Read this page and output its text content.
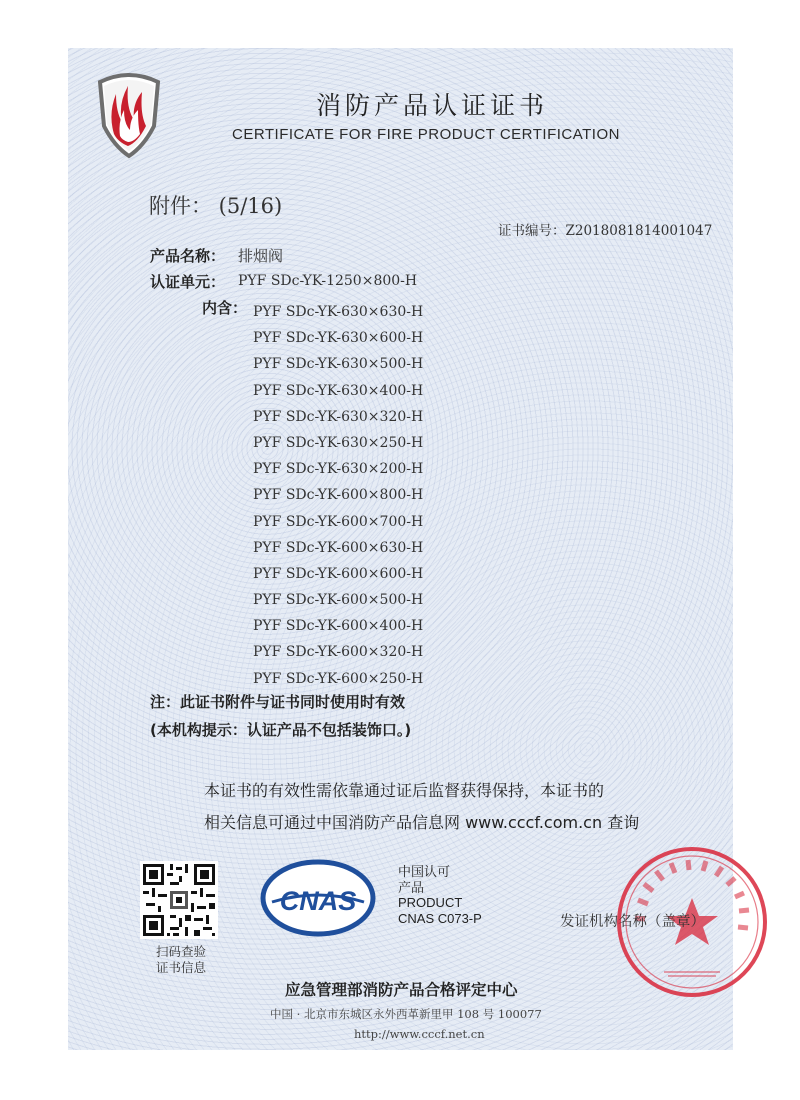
消防产品认证证书
CERTIFICATE FOR FIRE PRODUCT CERTIFICATION
附件： (5/16)
证书编号：Z2018081814001047
产品名称： 排烟阀
认证单元： PYF SDc-YK-1250×800-H
内含： PYF SDc-YK-630×630-H
PYF SDc-YK-630×600-H
PYF SDc-YK-630×500-H
PYF SDc-YK-630×400-H
PYF SDc-YK-630×320-H
PYF SDc-YK-630×250-H
PYF SDc-YK-630×200-H
PYF SDc-YK-600×800-H
PYF SDc-YK-600×700-H
PYF SDc-YK-600×630-H
PYF SDc-YK-600×600-H
PYF SDc-YK-600×500-H
PYF SDc-YK-600×400-H
PYF SDc-YK-600×320-H
PYF SDc-YK-600×250-H
注：此证书附件与证书同时使用时有效
(本机构提示：认证产品不包括装饰口。)
本证书的有效性需依靠通过证后监督获得保持，本证书的
相关信息可通过中国消防产品信息网 www.cccf.com.cn 查询
扫码查验证书信息
CNAS
中国认可
产品
PRODUCT
CNAS C073-P	发证机构名称（盖章）
应急管理部消防产品合格评定中心
中国 · 北京市东城区永外西革新里甲 108 号 100077
http://www.cccf.net.cn
